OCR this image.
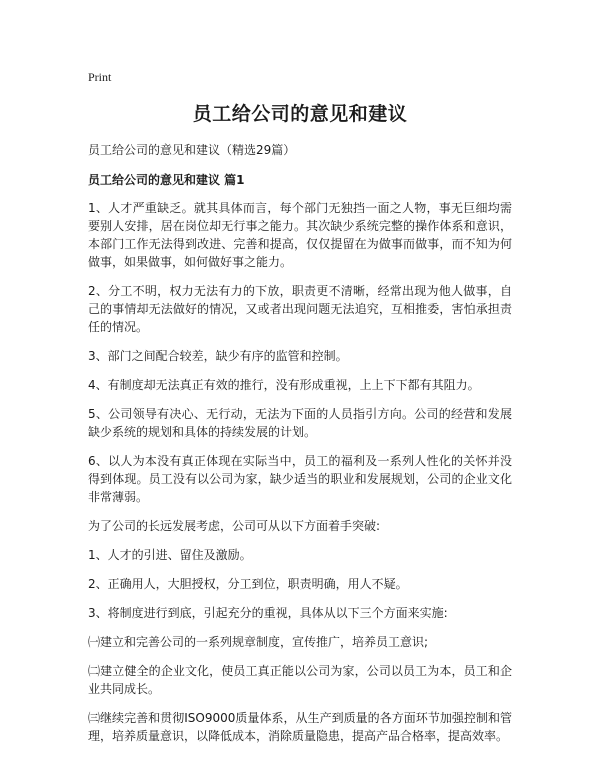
Print
员工给公司的意见和建议
员工给公司的意见和建议（精选29篇）
员工给公司的意见和建议 篇1

1、人才严重缺乏。就其具体而言，每个部门无独挡一面之人物，事无巨细均需要别人安排，居在岗位却无行事之能力。其次缺少系统完整的操作体系和意识，本部门工作无法得到改进、完善和提高，仅仅提留在为做事而做事，而不知为何做事，如果做事，如何做好事之能力。

2、分工不明，权力无法有力的下放，职责更不清晰，经常出现为他人做事，自己的事情却无法做好的情况，又或者出现问题无法追究，互相推委，害怕承担责任的情况。

3、部门之间配合较差，缺少有序的监管和控制。

4、有制度却无法真正有效的推行，没有形成重视，上上下下都有其阻力。

5、公司领导有决心、无行动，无法为下面的人员指引方向。公司的经营和发展缺少系统的规划和具体的持续发展的计划。

6、以人为本没有真正体现在实际当中，员工的福利及一系列人性化的关怀并没得到体现。员工没有以公司为家，缺少适当的职业和发展规划，公司的企业文化非常薄弱。

为了公司的长远发展考虑，公司可从以下方面着手突破:

1、人才的引进、留住及激励。

2、正确用人，大胆授权，分工到位，职责明确，用人不疑。

3、将制度进行到底，引起充分的重视，具体从以下三个方面来实施:

㈠建立和完善公司的一系列规章制度，宣传推广，培养员工意识;

㈡建立健全的企业文化，使员工真正能以公司为家，公司以员工为本，员工和企业共同成长。

㈢继续完善和贯彻ISO9000质量体系，从生产到质量的各方面环节加强控制和管理，培养质量意识，以降低成本，消除质量隐患，提高产品合格率，提高效率。
